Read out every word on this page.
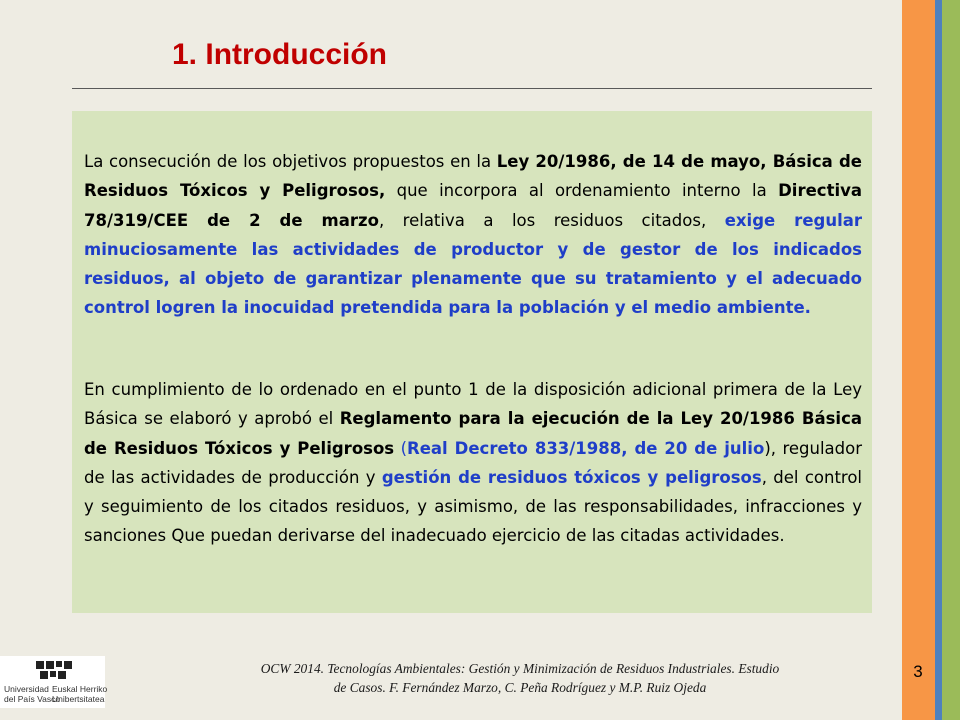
1. Introducción

La consecución de los objetivos propuestos en la Ley 20/1986, de 14 de mayo, Básica de Residuos Tóxicos y Peligrosos, que incorpora al ordenamiento interno la Directiva 78/319/CEE de 2 de marzo, relativa a los residuos citados, exige regular minuciosamente las actividades de productor y de gestor de los indicados residuos, al objeto de garantizar plenamente que su tratamiento y el adecuado control logren la inocuidad pretendida para la población y el medio ambiente.

En cumplimiento de lo ordenado en el punto 1 de la disposición adicional primera de la Ley Básica se elaboró y aprobó el Reglamento para la ejecución de la Ley 20/1986 Básica de Residuos Tóxicos y Peligrosos (Real Decreto 833/1988, de 20 de julio), regulador de las actividades de producción y gestión de residuos tóxicos y peligrosos, del control y seguimiento de los citados residuos, y asimismo, de las responsabilidades, infracciones y sanciones Que puedan derivarse del inadecuado ejercicio de las citadas actividades.

Universidad
del País Vasco
Euskal Herriko
Unibertsitatea
OCW 2014. Tecnologías Ambientales: Gestión y Minimización de Residuos Industriales. Estudio
de Casos. F. Fernández Marzo, C. Peña Rodríguez y M.P. Ruiz Ojeda
3
